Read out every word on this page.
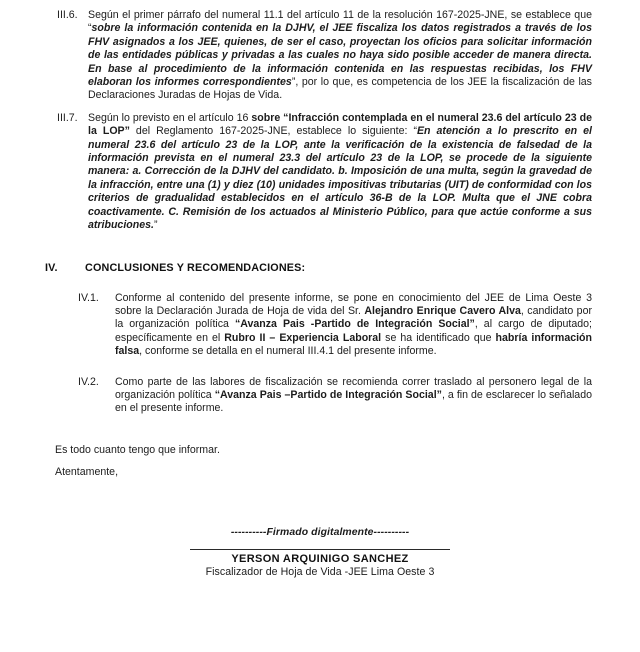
III.6. Según el primer párrafo del numeral 11.1 del artículo 11 de la resolución 167-2025-JNE, se establece que “sobre la información contenida en la DJHV, el JEE fiscaliza los datos registrados a través de los FHV asignados a los JEE, quienes, de ser el caso, proyectan los oficios para solicitar información de las entidades públicas y privadas a las cuales no haya sido posible acceder de manera directa. En base al procedimiento de la información contenida en las respuestas recibidas, los FHV elaboran los informes correspondientes”, por lo que, es competencia de los JEE la fiscalización de las Declaraciones Juradas de Hojas de Vida.
III.7. Según lo previsto en el artículo 16 sobre “Infracción contemplada en el numeral 23.6 del artículo 23 de la LOP” del Reglamento 167-2025-JNE, establece lo siguiente: “En atención a lo prescrito en el numeral 23.6 del artículo 23 de la LOP, ante la verificación de la existencia de falsedad de la información prevista en el numeral 23.3 del artículo 23 de la LOP, se procede de la siguiente manera: a. Corrección de la DJHV del candidato. b. Imposición de una multa, según la gravedad de la infracción, entre una (1) y diez (10) unidades impositivas tributarias (UIT) de conformidad con los criterios de gradualidad establecidos en el artículo 36-B de la LOP. Multa que el JNE cobra coactivamente. C. Remisión de los actuados al Ministerio Público, para que actúe conforme a sus atribuciones.”
IV.	CONCLUSIONES Y RECOMENDACIONES:
IV.1.	Conforme al contenido del presente informe, se pone en conocimiento del JEE de Lima Oeste 3 sobre la Declaración Jurada de Hoja de vida del Sr. Alejandro Enrique Cavero Alva, candidato por la organización política “Avanza Pais -Partido de Integración Social”, al cargo de diputado; específicamente en el Rubro II – Experiencia Laboral se ha identificado que habría información falsa, conforme se detalla en el numeral III.4.1 del presente informe.
IV.2.	Como parte de las labores de fiscalización se recomienda correr traslado al personero legal de la organización política “Avanza Pais –Partido de Integración Social”, a fin de esclarecer lo señalado en el presente informe.
Es todo cuanto tengo que informar.
Atentamente,
----------Firmado digitalmente----------
YERSON ARQUINIGO SANCHEZ
Fiscalizador de Hoja de Vida -JEE Lima Oeste 3
